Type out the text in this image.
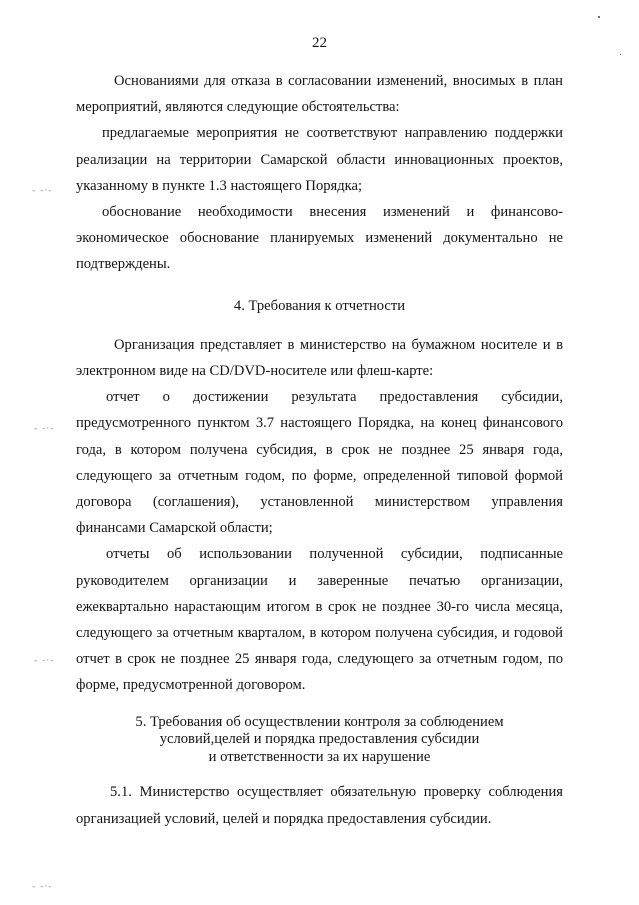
22

Основаниями для отказа в согласовании изменений, вносимых в план мероприятий, являются следующие обстоятельства:

предлагаемые мероприятия не соответствуют направлению поддержки реализации на территории Самарской области инновационных проектов, указанному в пункте 1.3 настоящего Порядка;

обоснование необходимости внесения изменений и финансово-экономическое обоснование планируемых изменений документально не подтверждены.

4. Требования к отчетности

Организация представляет в министерство на бумажном носителе и в электронном виде на CD/DVD-носителе или флеш-карте:

отчет о достижении результата предоставления субсидии, предусмотренного пунктом 3.7 настоящего Порядка, на конец финансового года, в котором получена субсидия, в срок не позднее 25 января года, следующего за отчетным годом, по форме, определенной типовой формой договора (соглашения), установленной министерством управления финансами Самарской области;

отчеты об использовании полученной субсидии, подписанные руководителем организации и заверенные печатью организации, ежеквартально нарастающим итогом в срок не позднее 30-го числа месяца, следующего за отчетным кварталом, в котором получена субсидия, и годовой отчет в срок не позднее 25 января года, следующего за отчетным годом, по форме, предусмотренной договором.

5. Требования об осуществлении контроля за соблюдением
условий,целей и порядка предоставления субсидии
и ответственности за их нарушение

5.1. Министерство осуществляет обязательную проверку соблюдения организацией условий, целей и порядка предоставления субсидии.

‐ ‐·‐
‐ ‐·‐
‐ ‐·‐
‐ ‐·‐
